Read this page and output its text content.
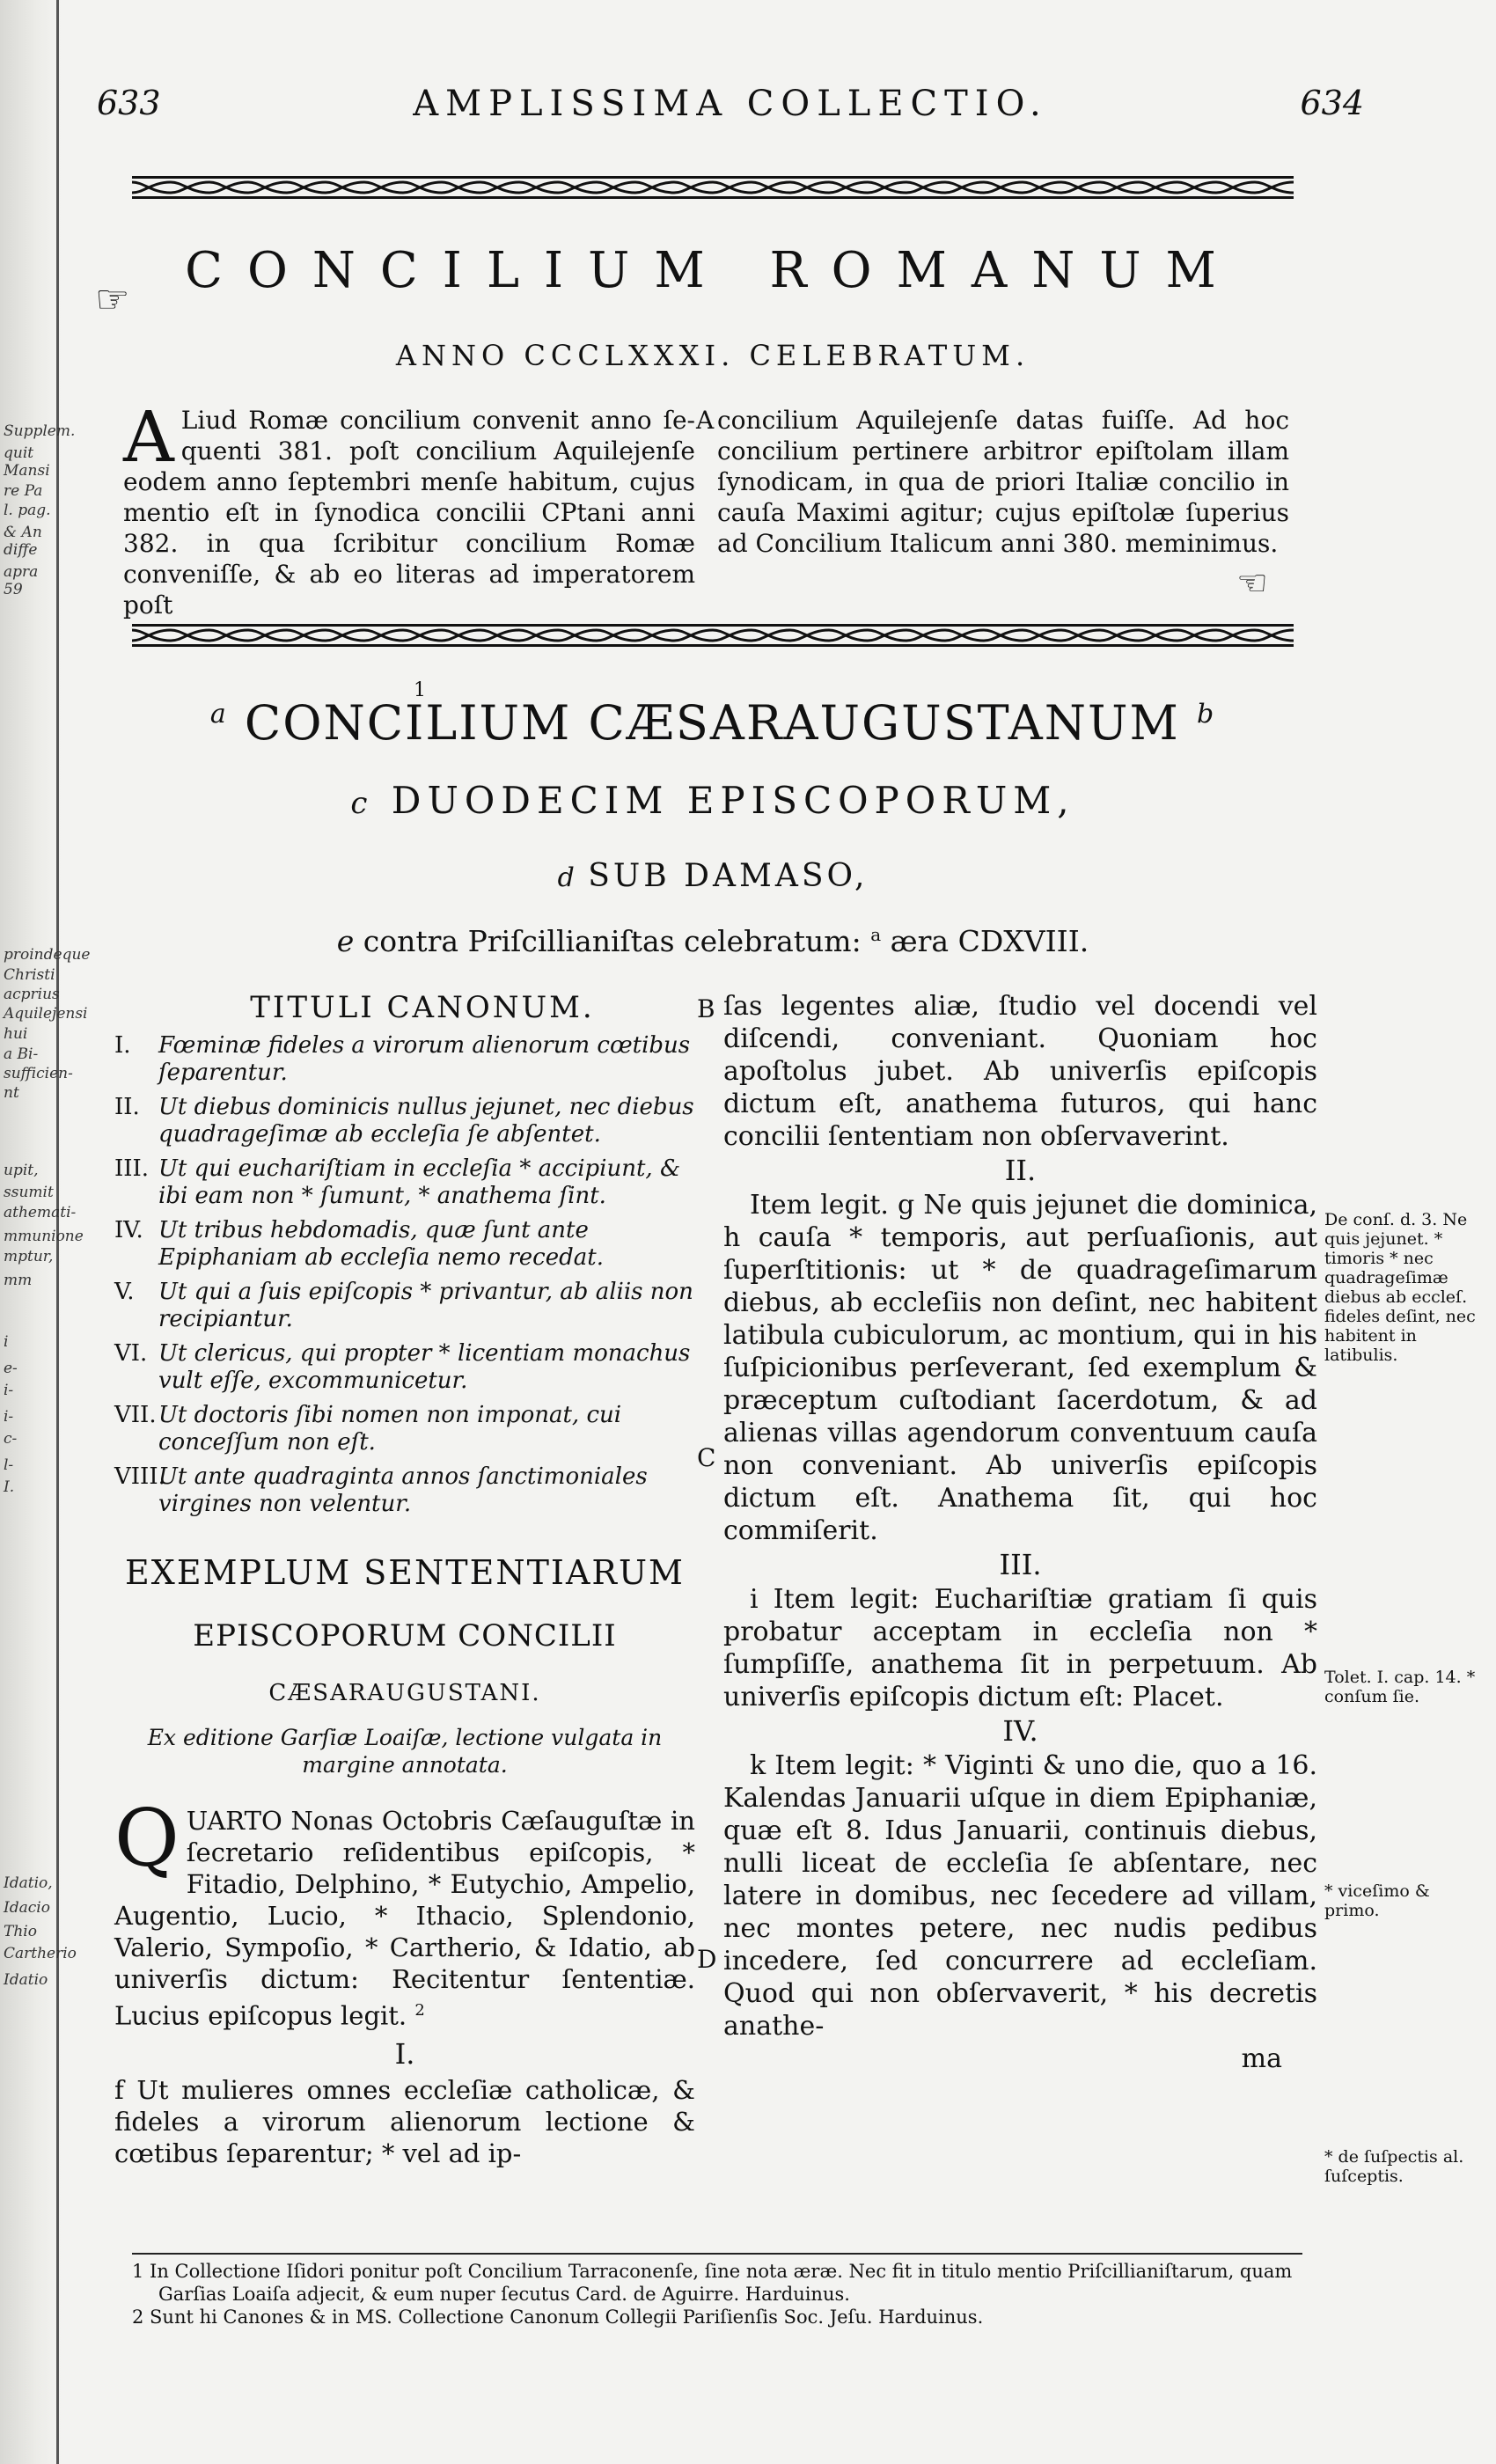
Supplem.
quit
Mansi
re Pa
l. pag.
& An
diffe
apra
59
proindeque
Christi
acprius
Aquilejensi
hui
a Bi-
sufficien-
nt
upit,
ssumit
athemati-
mmunione
mptur,
mm
i
e-
i-
i-
c-
l-
I.
Idatio,
Idacio
Thio
Cartherio
Idatio
633	AMPLISSIMA COLLECTIO.	634
☞
CONCILIUM ROMANUM
ANNO CCCLXXXI. CELEBRATUM.
A Liud Romæ concilium convenit anno ſe-quenti 381. poſt concilium Aquilejenſe eodem anno ſeptembri menſe habitum, cujus mentio eſt in ſynodica concilii CPtani anni 382. in qua ſcribitur concilium Romæ conveniſſe, & ab eo literas ad imperatorem poſt
A concilium Aquilejenſe datas fuiſſe. Ad hoc concilium pertinere arbitror epiſtolam illam ſynodicam, in qua de priori Italiæ concilio in cauſa Maximi agitur; cujus epiſtolæ ſuperius ad Concilium Italicum anni 380. meminimus.
☜
$^a$ CONCILIUM CÆSARAUGUSTANUM $^b$
1
c DUODECIM EPISCOPORUM,
d SUB DAMASO,
e contra Priſcillianiſtas celebratum: $^a$ æra CDXVIII.
TITULI CANONUM.
I. Fœminæ fideles a virorum alienorum cœtibus ſeparentur.
II. Ut diebus dominicis nullus jejunet, nec diebus quadrageſimæ ab eccleſia ſe abſentet.
III. Ut qui euchariſtiam in eccleſia * accipiunt, & ibi eam non * ſumunt, * anathema ſint.
IV. Ut tribus hebdomadis, quæ ſunt ante Epiphaniam ab eccleſia nemo recedat.
V. Ut qui a ſuis epiſcopis * privantur, ab aliis non recipiantur.
VI. Ut clericus, qui propter * licentiam monachus vult eſſe, excommunicetur.
VII.Ut doctoris ſibi nomen non imponat, cui conceſſum non eſt.
VIII.Ut ante quadraginta annos ſanctimoniales virgines non velentur.
EXEMPLUM SENTENTIARUM
EPISCOPORUM CONCILII
CÆSARAUGUSTANI.
Ex editione Garſiæ Loaiſæ, lectione vulgata in margine annotata.
Q UARTO Nonas Octobris Cæſauguſtæ in ſecretario reſidentibus epiſcopis, * Fitadio, Delphino, * Eutychio, Ampelio, Augentio, Lucio, * Ithacio, Splendonio, Valerio, Sympoſio, * Cartherio, & Idatio, ab univerſis dictum: Recitentur ſententiæ. Lucius epiſcopus legit. $^2$
I.
f Ut mulieres omnes eccleſiæ catholicæ, & fideles a virorum alienorum lectione & cœtibus ſeparentur; * vel ad ip-

ſas legentes aliæ, ſtudio vel docendi vel diſcendi, conveniant. Quoniam hoc apoſtolus jubet. Ab univerſis epiſcopis dictum eſt, anathema futuros, qui hanc concilii ſententiam non obſervaverint.

II.

Item legit. g Ne quis jejunet die dominica, h cauſa * temporis, aut perſuaſionis, aut ſuperſtitionis: ut * de quadrageſimarum diebus, ab eccleſiis non deſint, nec habitent latibula cubiculorum, ac montium, qui in his ſuſpicionibus perſeverant, ſed exemplum & præceptum cuſtodiant ſacerdotum, & ad alienas villas agendorum conventuum cauſa non conveniant. Ab univerſis epiſcopis dictum eſt. Anathema ſit, qui hoc commiſerit.

III.

i Item legit: Euchariſtiæ gratiam ſi quis probatur acceptam in eccleſia non * ſumpſiſſe, anathema ſit in perpetuum. Ab univerſis epiſcopis dictum eſt: Placet.

IV.

k Item legit: * Viginti & uno die, quo a 16. Kalendas Januarii uſque in diem Epiphaniæ, quæ eſt 8. Idus Januarii, continuis diebus, nulli liceat de eccleſia ſe abſentare, nec latere in domibus, nec ſecedere ad villam, nec montes petere, nec nudis pedibus incedere, ſed concurrere ad eccleſiam. Quod qui non obſervaverit, * his decretis anathe-

ma
B
C
D
De conſ. d. 3. Ne quis jejunet. * timoris * nec quadrageſimæ diebus ab eccleſ. fideles deſint, nec habitent in latibulis.
Tolet. I. cap. 14. * conſum ſie.
* viceſimo & primo.
* de ſuſpectis al. ſuſceptis.

1 In Collectione Iſidori ponitur poſt Concilium Tarraconenſe, ſine nota æræ. Nec fit in titulo mentio Priſcillianiſtarum, quam Garſias Loaiſa adjecit, & eum nuper ſecutus Card. de Aguirre. Harduinus.

2 Sunt hi Canones & in MS. Collectione Canonum Collegii Pariſienſis Soc. Jeſu. Harduinus.
